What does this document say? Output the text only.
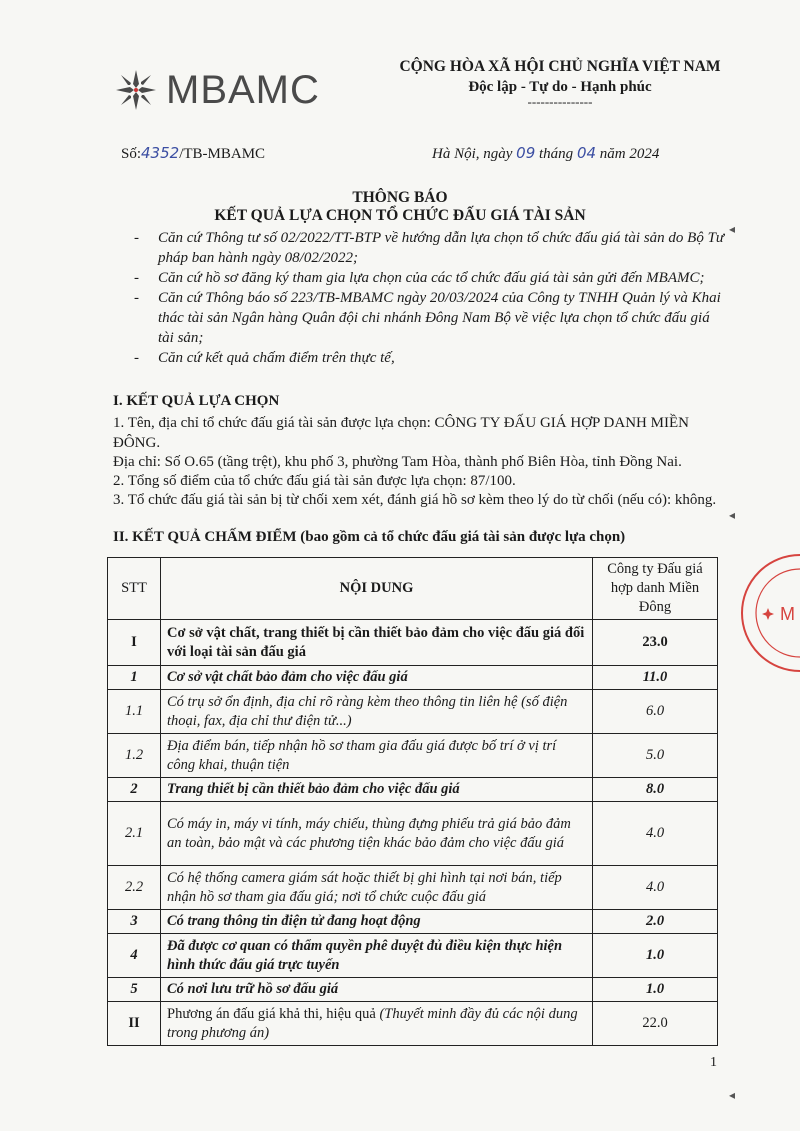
MBAMC
CỘNG HÒA XÃ HỘI CHỦ NGHĨA VIỆT NAM
Độc lập - Tự do - Hạnh phúc
---------------
Số:4352/TB-MBAMC	Hà Nội, ngày 09 tháng 04 năm 2024
THÔNG BÁO
KẾT QUẢ LỰA CHỌN TỔ CHỨC ĐẤU GIÁ TÀI SẢN
- Căn cứ Thông tư số 02/2022/TT-BTP về hướng dẫn lựa chọn tổ chức đấu giá tài sản do Bộ Tư pháp ban hành ngày 08/02/2022;
- Căn cứ hồ sơ đăng ký tham gia lựa chọn của các tổ chức đấu giá tài sản gửi đến MBAMC;
- Căn cứ Thông báo số 223/TB-MBAMC ngày 20/03/2024 của Công ty TNHH Quản lý và Khai thác tài sản Ngân hàng Quân đội chi nhánh Đông Nam Bộ về việc lựa chọn tổ chức đấu giá tài sản;
- Căn cứ kết quả chấm điểm trên thực tế,
I. KẾT QUẢ LỰA CHỌN
1. Tên, địa chỉ tổ chức đấu giá tài sản được lựa chọn: CÔNG TY ĐẤU GIÁ HỢP DANH MIỀN ĐÔNG.
Địa chỉ: Số O.65 (tầng trệt), khu phố 3, phường Tam Hòa, thành phố Biên Hòa, tỉnh Đồng Nai.
2. Tổng số điểm của tổ chức đấu giá tài sản được lựa chọn: 87/100.
3. Tổ chức đấu giá tài sản bị từ chối xem xét, đánh giá hồ sơ kèm theo lý do từ chối (nếu có): không.
II. KẾT QUẢ CHẤM ĐIỂM (bao gồm cả tổ chức đấu giá tài sản được lựa chọn)
STT	NỘI DUNG	Công ty Đấu giá hợp danh Miền Đông
I	Cơ sở vật chất, trang thiết bị cần thiết bảo đảm cho việc đấu giá đối với loại tài sản đấu giá	23.0
1	Cơ sở vật chất bảo đảm cho việc đấu giá	11.0
1.1	Có trụ sở ổn định, địa chỉ rõ ràng kèm theo thông tin liên hệ (số điện thoại, fax, địa chỉ thư điện tử...)	6.0
1.2	Địa điểm bán, tiếp nhận hồ sơ tham gia đấu giá được bố trí ở vị trí công khai, thuận tiện	5.0
2	Trang thiết bị cần thiết bảo đảm cho việc đấu giá	8.0
2.1	Có máy in, máy vi tính, máy chiếu, thùng đựng phiếu trả giá bảo đảm an toàn, bảo mật và các phương tiện khác bảo đảm cho việc đấu giá	4.0
2.2	Có hệ thống camera giám sát hoặc thiết bị ghi hình tại nơi bán, tiếp nhận hồ sơ tham gia đấu giá; nơi tổ chức cuộc đấu giá	4.0
3	Có trang thông tin điện tử đang hoạt động	2.0
4	Đã được cơ quan có thẩm quyền phê duyệt đủ điều kiện thực hiện hình thức đấu giá trực tuyến	1.0
5	Có nơi lưu trữ hồ sơ đấu giá	1.0
II	Phương án đấu giá khả thi, hiệu quả (Thuyết minh đầy đủ các nội dung trong phương án)	22.0
1
M
◂
◂
◂
